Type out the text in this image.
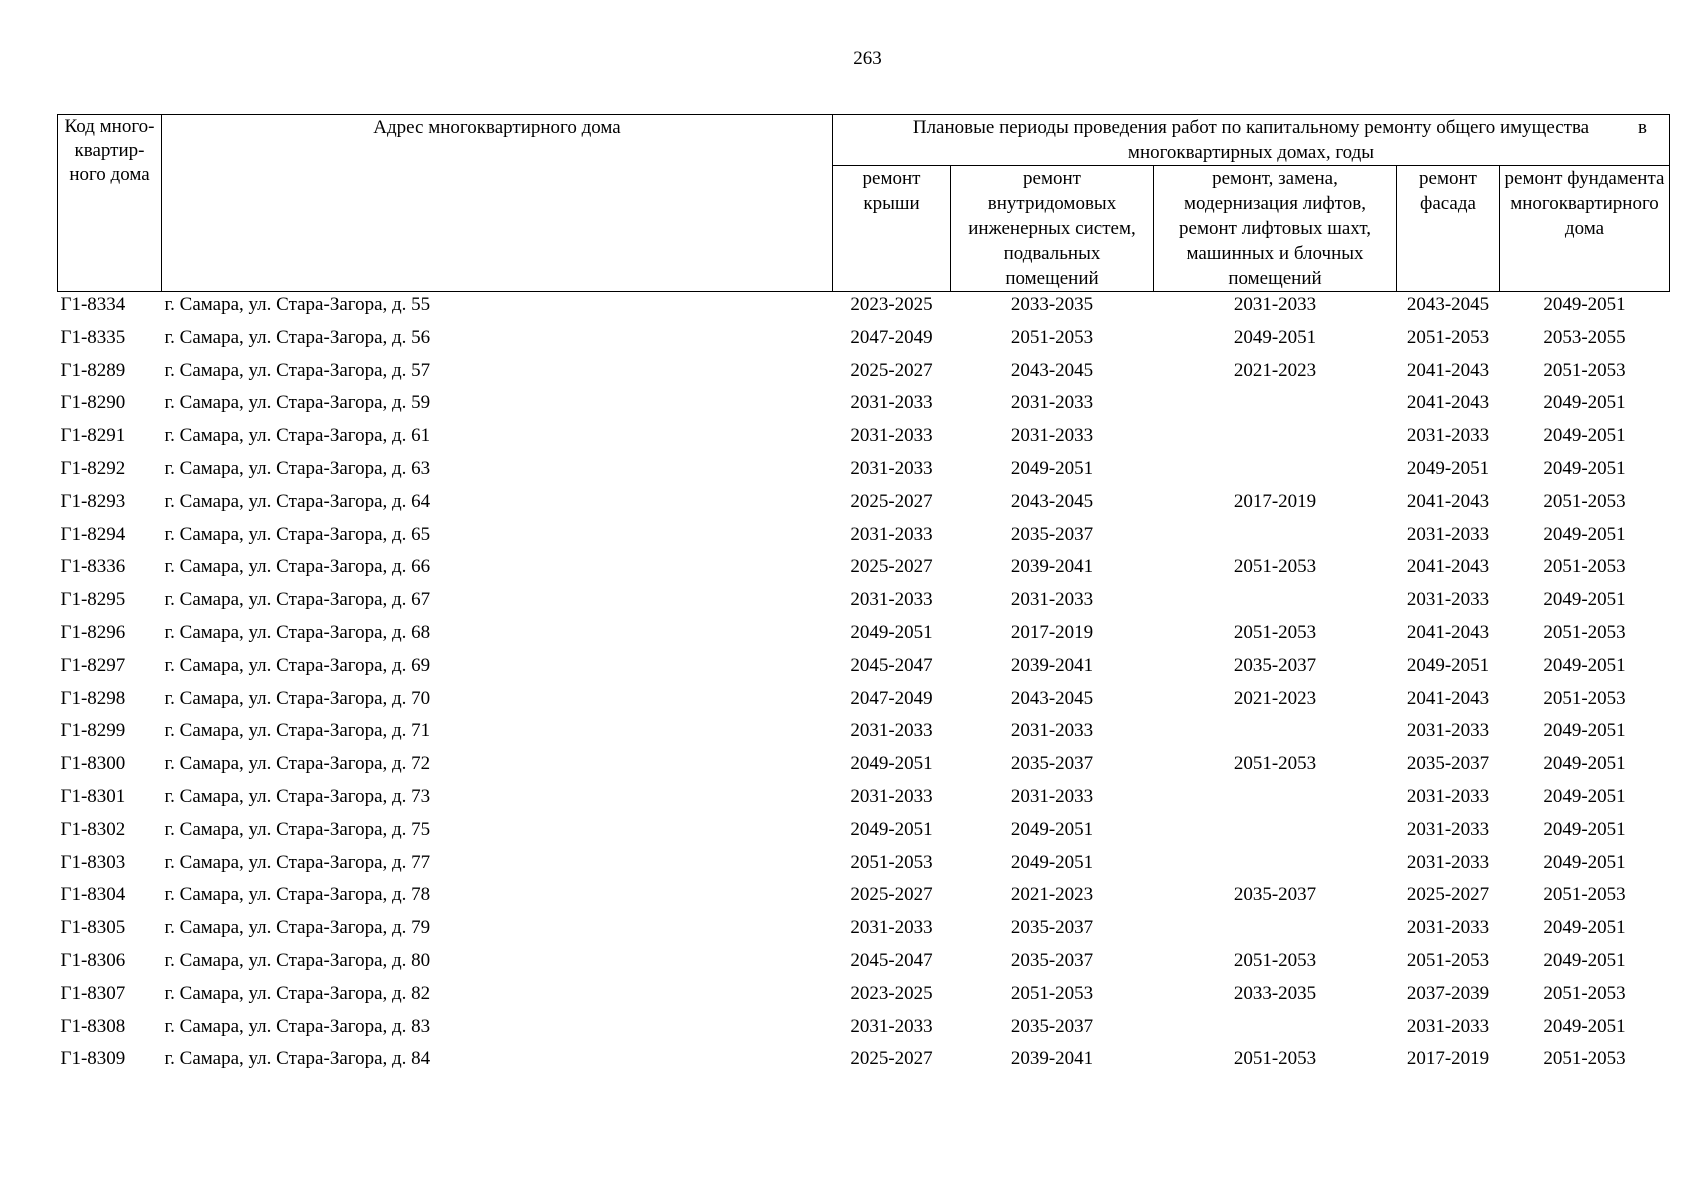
263
Код много-
квартир-
ного дома	Адрес многоквартирного дома	Плановые периоды проведения работ по капитальному ремонту общего имущества в

многоквартирных домах, годы				
		ремонт
крыши	ремонт
внутридомовых
инженерных систем,
подвальных
помещений	ремонт, замена,
модернизация лифтов,
ремонт лифтовых шахт,
машинных и блочных
помещений	ремонт
фасада	ремонт фундамента
многоквартирного
дома
Г1-8334	г. Самара, ул. Стара-Загора, д. 55	2023-2025	2033-2035	2031-2033	2043-2045	2049-2051
Г1-8335	г. Самара, ул. Стара-Загора, д. 56	2047-2049	2051-2053	2049-2051	2051-2053	2053-2055
Г1-8289	г. Самара, ул. Стара-Загора, д. 57	2025-2027	2043-2045	2021-2023	2041-2043	2051-2053
Г1-8290	г. Самара, ул. Стара-Загора, д. 59	2031-2033	2031-2033		2041-2043	2049-2051
Г1-8291	г. Самара, ул. Стара-Загора, д. 61	2031-2033	2031-2033		2031-2033	2049-2051
Г1-8292	г. Самара, ул. Стара-Загора, д. 63	2031-2033	2049-2051		2049-2051	2049-2051
Г1-8293	г. Самара, ул. Стара-Загора, д. 64	2025-2027	2043-2045	2017-2019	2041-2043	2051-2053
Г1-8294	г. Самара, ул. Стара-Загора, д. 65	2031-2033	2035-2037		2031-2033	2049-2051
Г1-8336	г. Самара, ул. Стара-Загора, д. 66	2025-2027	2039-2041	2051-2053	2041-2043	2051-2053
Г1-8295	г. Самара, ул. Стара-Загора, д. 67	2031-2033	2031-2033		2031-2033	2049-2051
Г1-8296	г. Самара, ул. Стара-Загора, д. 68	2049-2051	2017-2019	2051-2053	2041-2043	2051-2053
Г1-8297	г. Самара, ул. Стара-Загора, д. 69	2045-2047	2039-2041	2035-2037	2049-2051	2049-2051
Г1-8298	г. Самара, ул. Стара-Загора, д. 70	2047-2049	2043-2045	2021-2023	2041-2043	2051-2053
Г1-8299	г. Самара, ул. Стара-Загора, д. 71	2031-2033	2031-2033		2031-2033	2049-2051
Г1-8300	г. Самара, ул. Стара-Загора, д. 72	2049-2051	2035-2037	2051-2053	2035-2037	2049-2051
Г1-8301	г. Самара, ул. Стара-Загора, д. 73	2031-2033	2031-2033		2031-2033	2049-2051
Г1-8302	г. Самара, ул. Стара-Загора, д. 75	2049-2051	2049-2051		2031-2033	2049-2051
Г1-8303	г. Самара, ул. Стара-Загора, д. 77	2051-2053	2049-2051		2031-2033	2049-2051
Г1-8304	г. Самара, ул. Стара-Загора, д. 78	2025-2027	2021-2023	2035-2037	2025-2027	2051-2053
Г1-8305	г. Самара, ул. Стара-Загора, д. 79	2031-2033	2035-2037		2031-2033	2049-2051
Г1-8306	г. Самара, ул. Стара-Загора, д. 80	2045-2047	2035-2037	2051-2053	2051-2053	2049-2051
Г1-8307	г. Самара, ул. Стара-Загора, д. 82	2023-2025	2051-2053	2033-2035	2037-2039	2051-2053
Г1-8308	г. Самара, ул. Стара-Загора, д. 83	2031-2033	2035-2037		2031-2033	2049-2051
Г1-8309	г. Самара, ул. Стара-Загора, д. 84	2025-2027	2039-2041	2051-2053	2017-2019	2051-2053
